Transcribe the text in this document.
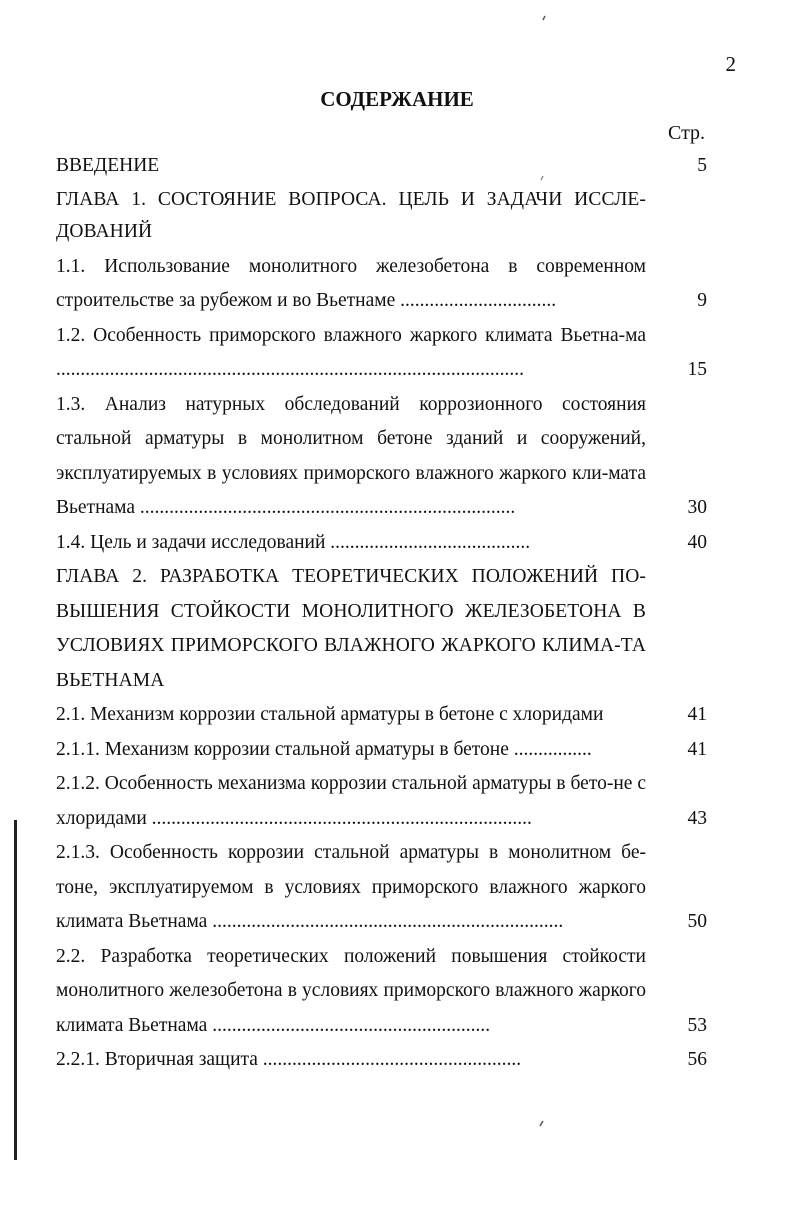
2
СОДЕРЖАНИЕ
Стр.
ВВЕДЕНИЕ	5
ГЛАВА 1. СОСТОЯНИЕ ВОПРОСА. ЦЕЛЬ И ЗАДАЧИ ИССЛЕ-ДОВАНИЙ
1.1. Использование монолитного железобетона в современном строительстве за рубежом и во Вьетнаме ................................	9
1.2. Особенность приморского влажного жаркого климата Вьетна-ма ................................................................................................	15
1.3. Анализ натурных обследований коррозионного состояния стальной арматуры в монолитном бетоне зданий и сооружений, эксплуатируемых в условиях приморского влажного жаркого кли-мата Вьетнама .............................................................................	30
1.4. Цель и задачи исследований .........................................	40
ГЛАВА 2. РАЗРАБОТКА ТЕОРЕТИЧЕСКИХ ПОЛОЖЕНИЙ ПО-ВЫШЕНИЯ СТОЙКОСТИ МОНОЛИТНОГО ЖЕЛЕЗОБЕТОНА В УСЛОВИЯХ ПРИМОРСКОГО ВЛАЖНОГО ЖАРКОГО КЛИМА-ТА ВЬЕТНАМА
2.1. Механизм коррозии стальной арматуры в бетоне с хлоридами	41
2.1.1. Механизм коррозии стальной арматуры в бетоне ................	41
2.1.2. Особенность механизма коррозии стальной арматуры в бето-не с хлоридами ..............................................................................	43
2.1.3. Особенность коррозии стальной арматуры в монолитном бе-тоне, эксплуатируемом в условиях приморского влажного жаркого климата Вьетнама ........................................................................	50
2.2. Разработка теоретических положений повышения стойкости монолитного железобетона в условиях приморского влажного жаркого климата Вьетнама .........................................................	53
2.2.1. Вторичная защита .....................................................	56
